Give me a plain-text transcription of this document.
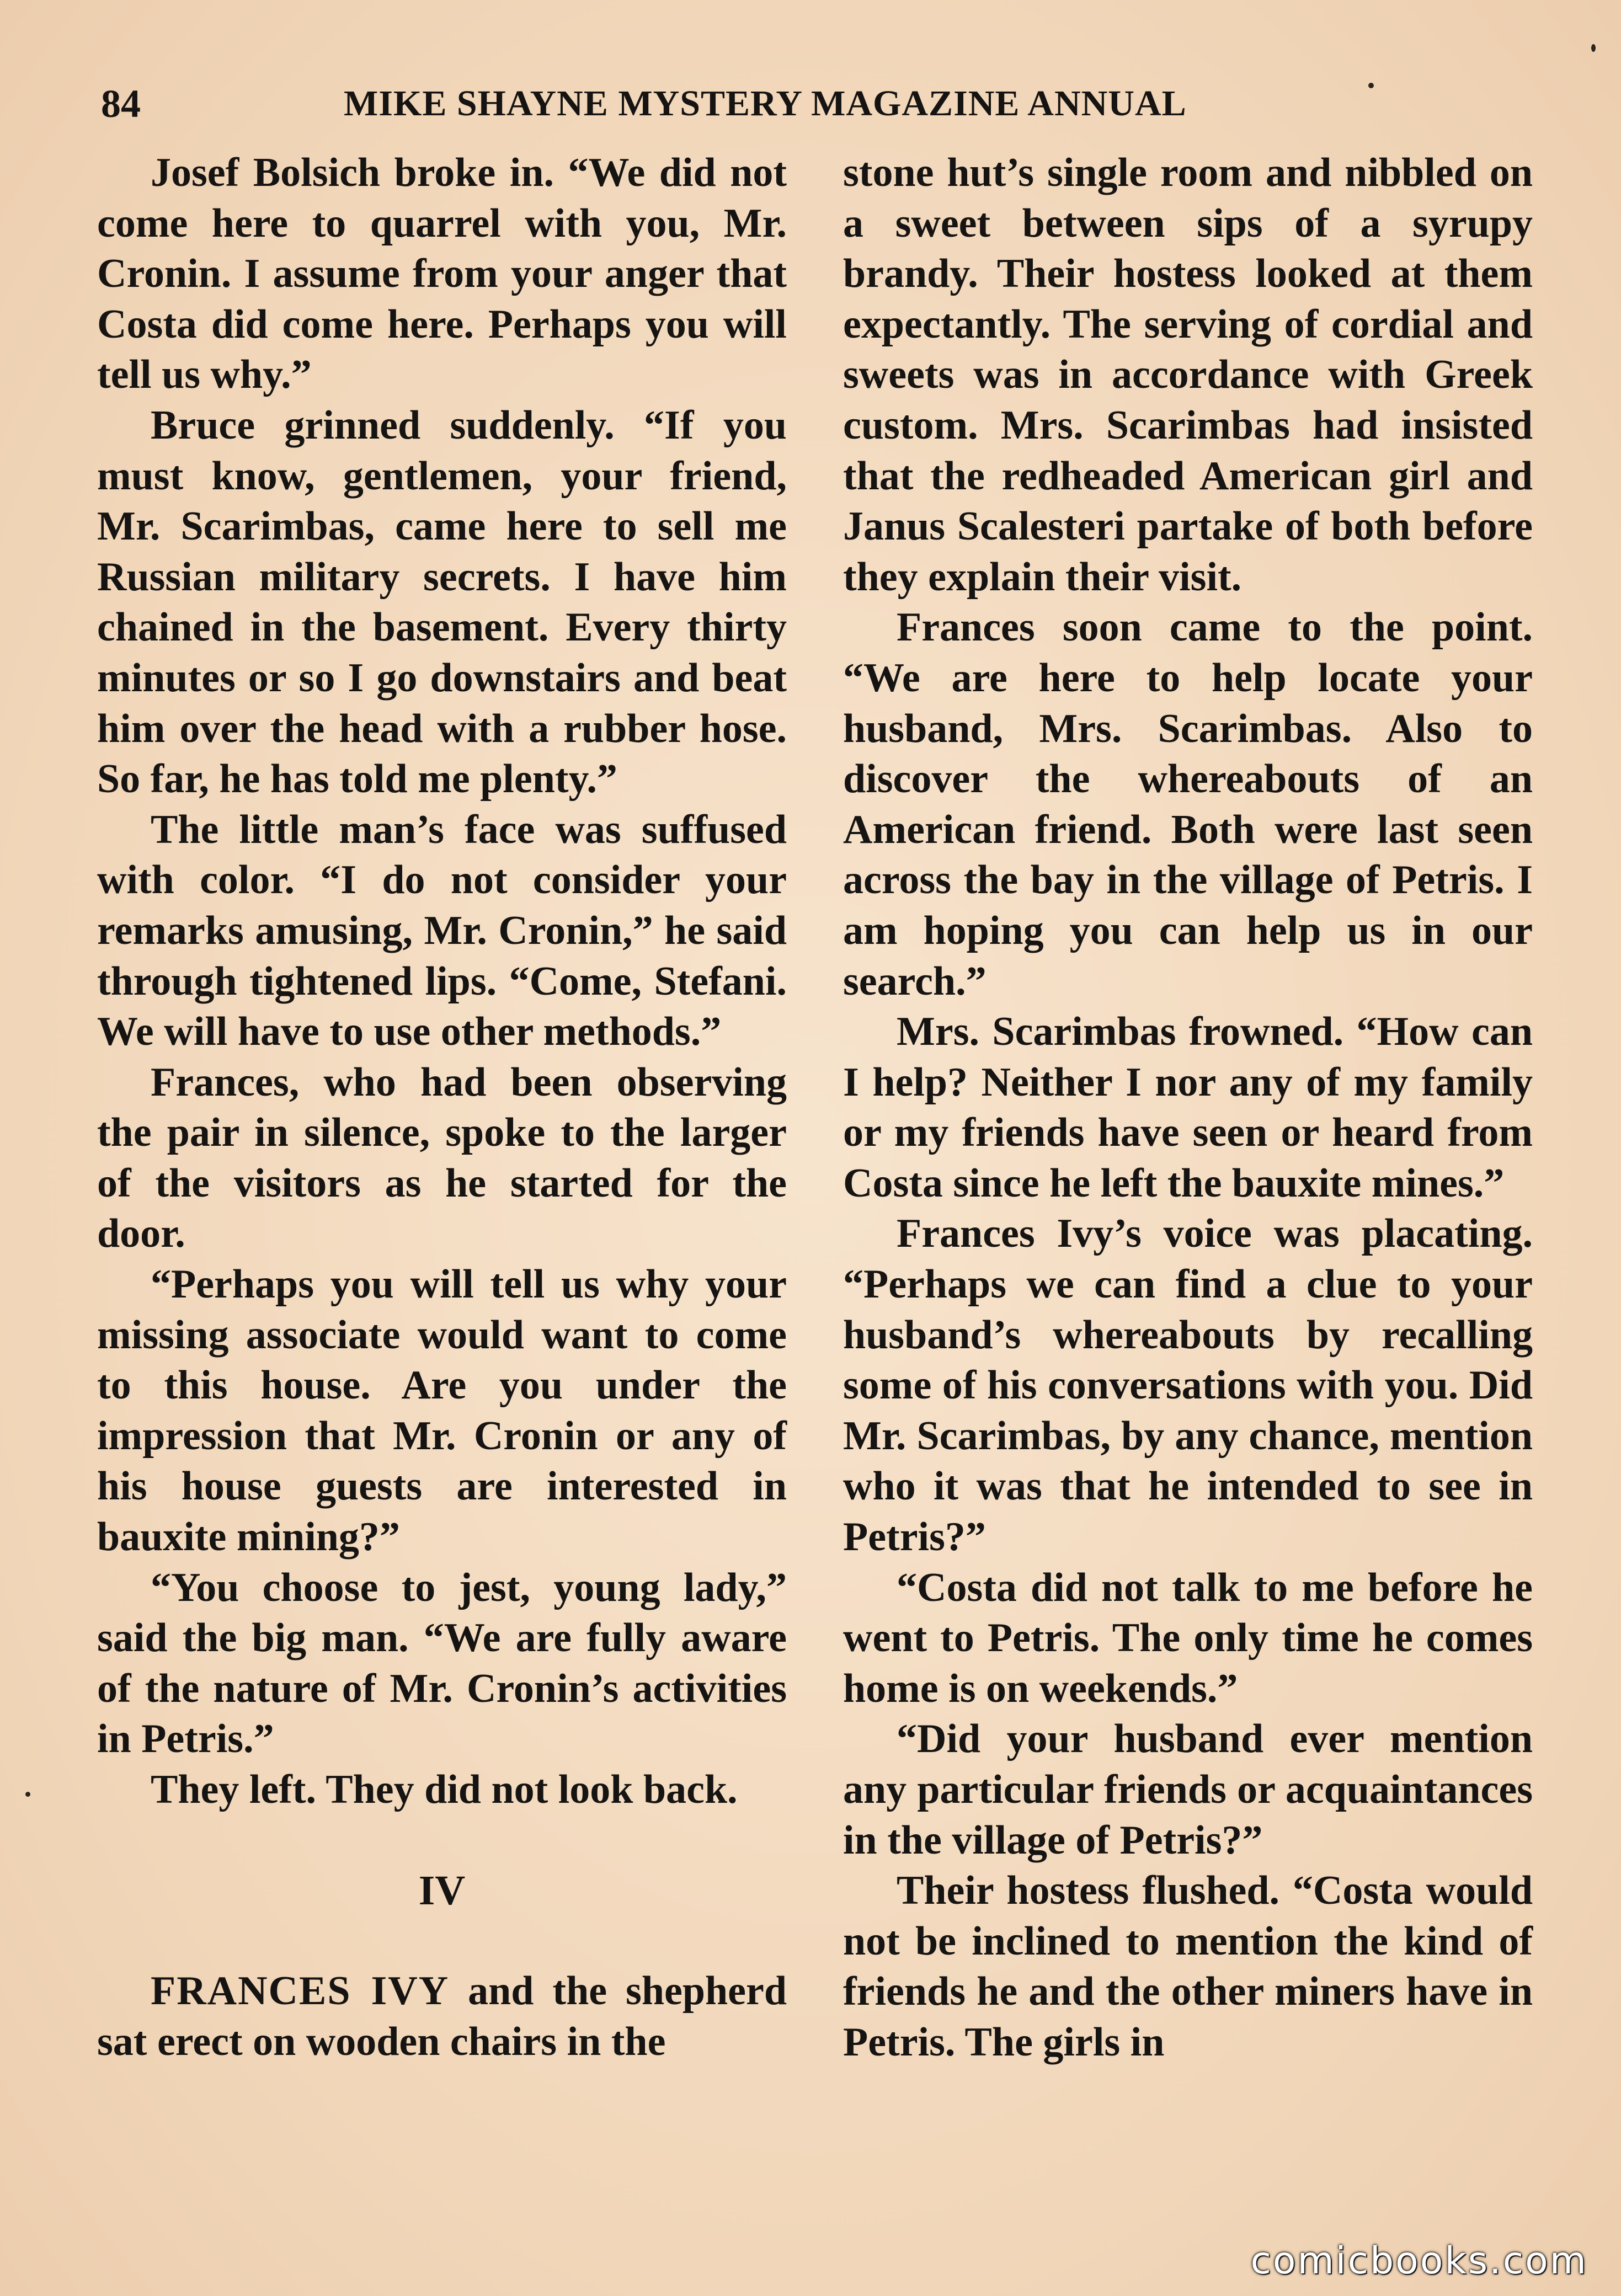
84	MIKE SHAYNE MYSTERY MAGAZINE ANNUAL

Josef Bolsich broke in. “We did not come here to quarrel with you, Mr. Cronin. I assume from your anger that Costa did come here. Perhaps you will tell us why.”

Bruce grinned suddenly. “If you must know, gentlemen, your friend, Mr. Scarimbas, came here to sell me Russian military secrets. I have him chained in the basement. Every thirty minutes or so I go downstairs and beat him over the head with a rubber hose. So far, he has told me plenty.”

The little man’s face was suffused with color. “I do not consider your remarks amusing, Mr. Cronin,” he said through tightened lips. “Come, Stefani. We will have to use other methods.”

Frances, who had been observing the pair in silence, spoke to the larger of the visitors as he started for the door.

“Perhaps you will tell us why your missing associate would want to come to this house. Are you under the impression that Mr. Cronin or any of his house guests are interested in bauxite mining?”

“You choose to jest, young lady,” said the big man. “We are fully aware of the nature of Mr. Cronin’s activities in Petris.”

They left. They did not look back.

IV

FRANCES IVY and the shepherd sat erect on wooden chairs in the

stone hut’s single room and nibbled on a sweet between sips of a syrupy brandy. Their hostess looked at them expectantly. The serving of cordial and sweets was in accordance with Greek custom. Mrs. Scarimbas had insisted that the redheaded American girl and Janus Scalesteri partake of both before they explain their visit.

Frances soon came to the point. “We are here to help locate your husband, Mrs. Scarimbas. Also to discover the whereabouts of an American friend. Both were last seen across the bay in the village of Petris. I am hoping you can help us in our search.”

Mrs. Scarimbas frowned. “How can I help? Neither I nor any of my family or my friends have seen or heard from Costa since he left the bauxite mines.”

Frances Ivy’s voice was placating. “Perhaps we can find a clue to your husband’s whereabouts by recalling some of his conversations with you. Did Mr. Scarimbas, by any chance, mention who it was that he intended to see in Petris?”

“Costa did not talk to me before he went to Petris. The only time he comes home is on weekends.”

“Did your husband ever mention any particular friends or acquaintances in the village of Petris?”

Their hostess flushed. “Costa would not be inclined to mention the kind of friends he and the other miners have in Petris. The girls in

comicbooks.com
